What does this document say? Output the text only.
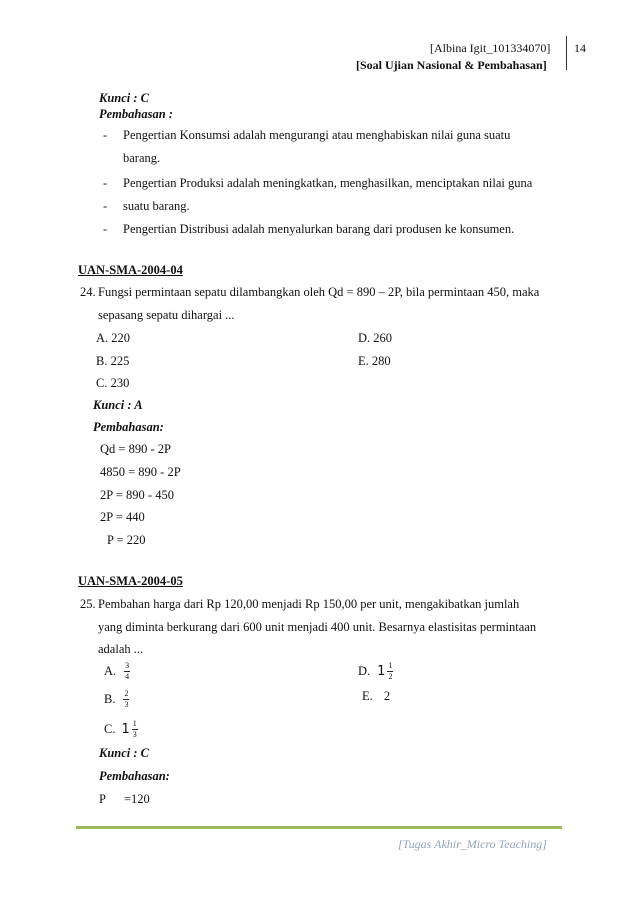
[Albina Igit_101334070] 14
[Soal Ujian Nasional & Pembahasan]
Kunci : C
Pembahasan :
- Pengertian Konsumsi adalah mengurangi atau menghabiskan nilai guna suatu
barang.
- Pengertian Produksi adalah meningkatkan, menghasilkan, menciptakan nilai guna
- suatu barang.
- Pengertian Distribusi adalah menyalurkan barang dari produsen ke konsumen.
UAN-SMA-2004-04
24. Fungsi permintaan sepatu dilambangkan oleh Qd = 890 – 2P, bila permintaan 450, maka
sepasang sepatu dihargai ...
A. 220	D. 260
B. 225	E. 280
C. 230
Kunci : A
Pembahasan:
Qd = 890 - 2P
4850 = 890 - 2P
2P = 890 - 450
2P = 440
P = 220
UAN-SMA-2004-05
25. Pembahan harga dari Rp 120,00 menjadi Rp 150,00 per unit, mengakibatkan jumlah
yang diminta berkurang dari 600 unit menjadi 400 unit. Besarnya elastisitas permintaan
adalah ...
A. $\frac{3}{4}$	D. $1 \frac{1}{2}$
B. $\frac{2}{3}$	E. 2
C. $1 \frac{1}{3}$
Kunci : C
Pembahasan:
P =120
[Tugas Akhir_Micro Teaching]
